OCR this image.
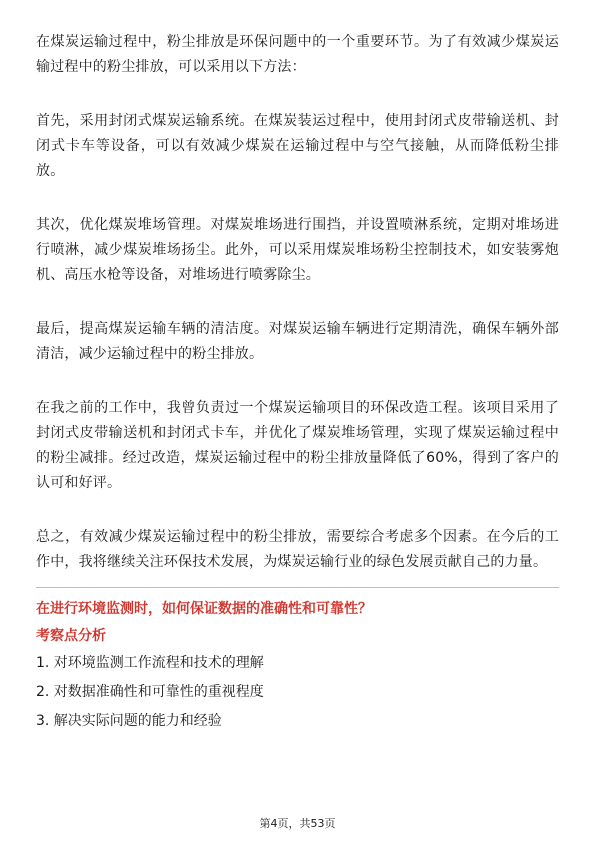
在煤炭运输过程中，粉尘排放是环保问题中的一个重要环节。为了有效减少煤炭运输过程中的粉尘排放，可以采用以下方法：

首先，采用封闭式煤炭运输系统。在煤炭装运过程中，使用封闭式皮带输送机、封闭式卡车等设备，可以有效减少煤炭在运输过程中与空气接触，从而降低粉尘排放。

其次，优化煤炭堆场管理。对煤炭堆场进行围挡，并设置喷淋系统，定期对堆场进行喷淋，减少煤炭堆场扬尘。此外，可以采用煤炭堆场粉尘控制技术，如安装雾炮机、高压水枪等设备，对堆场进行喷雾除尘。

最后，提高煤炭运输车辆的清洁度。对煤炭运输车辆进行定期清洗，确保车辆外部清洁，减少运输过程中的粉尘排放。

在我之前的工作中，我曾负责过一个煤炭运输项目的环保改造工程。该项目采用了封闭式皮带输送机和封闭式卡车，并优化了煤炭堆场管理，实现了煤炭运输过程中的粉尘减排。经过改造，煤炭运输过程中的粉尘排放量降低了60%，得到了客户的认可和好评。

总之，有效减少煤炭运输过程中的粉尘排放，需要综合考虑多个因素。在今后的工作中，我将继续关注环保技术发展，为煤炭运输行业的绿色发展贡献自己的力量。

在进行环境监测时，如何保证数据的准确性和可靠性？
考察点分析
1. 对环境监测工作流程和技术的理解
2. 对数据准确性和可靠性的重视程度
3. 解决实际问题的能力和经验
第4页，共53页
